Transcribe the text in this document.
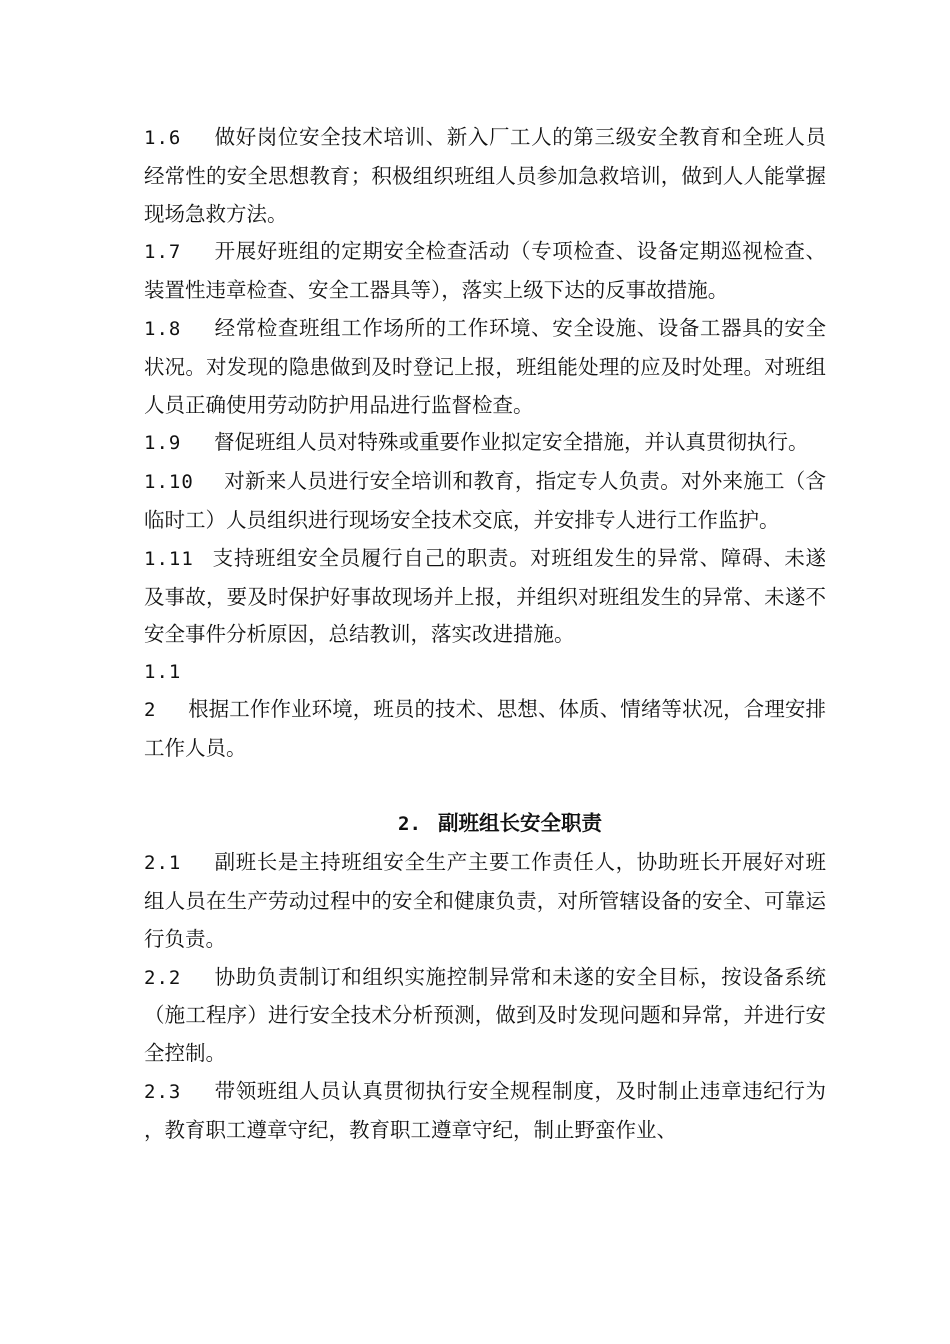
1.6 做好岗位安全技术培训、新入厂工人的第三级安全教育和全班人员经常性的安全思想教育；积极组织班组人员参加急救培训，做到人人能掌握现场急救方法。

1.7 开展好班组的定期安全检查活动（专项检查、设备定期巡视检查、装置性违章检查、安全工器具等），落实上级下达的反事故措施。

1.8 经常检查班组工作场所的工作环境、安全设施、设备工器具的安全状况。对发现的隐患做到及时登记上报，班组能处理的应及时处理。对班组人员正确使用劳动防护用品进行监督检查。

1.9 督促班组人员对特殊或重要作业拟定安全措施，并认真贯彻执行。

1.10 对新来人员进行安全培训和教育，指定专人负责。对外来施工（含临时工）人员组织进行现场安全技术交底，并安排专人进行工作监护。

1.11 支持班组安全员履行自己的职责。对班组发生的异常、障碍、未遂及事故，要及时保护好事故现场并上报，并组织对班组发生的异常、未遂不安全事件分析原因，总结教训，落实改进措施。

1.12 根据工作作业环境，班员的技术、思想、体质、情绪等状况，合理安排工作人员。

2. 副班组长安全职责

2.1 副班长是主持班组安全生产主要工作责任人，协助班长开展好对班组人员在生产劳动过程中的安全和健康负责，对所管辖设备的安全、可靠运行负责。

2.2 协助负责制订和组织实施控制异常和未遂的安全目标，按设备系统（施工程序）进行安全技术分析预测，做到及时发现问题和异常，并进行安全控制。

2.3 带领班组人员认真贯彻执行安全规程制度，及时制止违章违纪行为，教育职工遵章守纪，教育职工遵章守纪，制止野蛮作业、
